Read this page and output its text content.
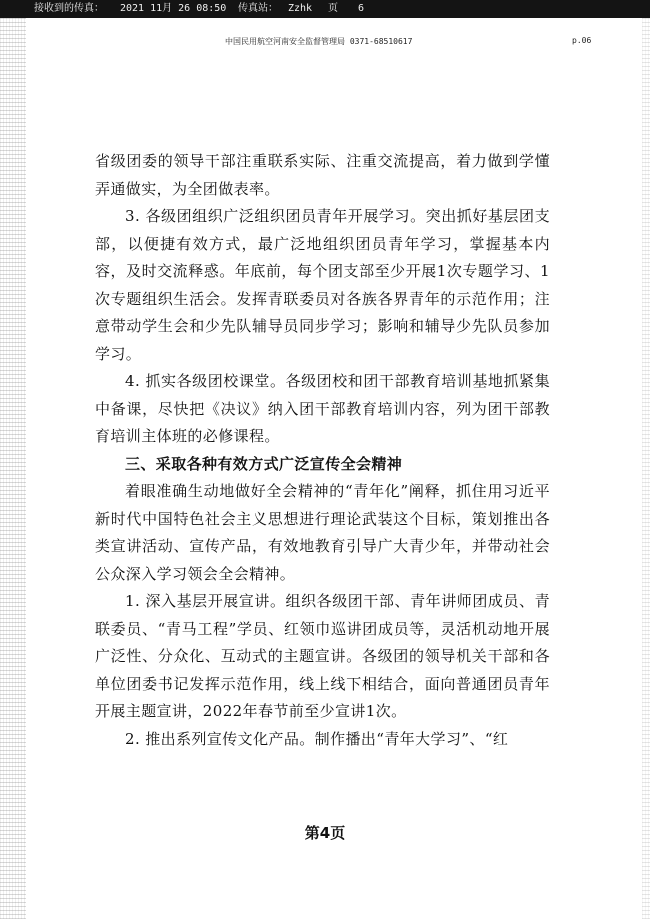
接收到的传真： 2021 11月 26 08:50 传真站： Zzhk 页 6
中国民用航空河南安全监督管理局 0371-68510617	p.06

省级团委的领导干部注重联系实际、注重交流提高，着力做到学懂弄通做实，为全团做表率。

3. 各级团组织广泛组织团员青年开展学习。突出抓好基层团支部，以便捷有效方式，最广泛地组织团员青年学习，掌握基本内容，及时交流释惑。年底前，每个团支部至少开展1次专题学习、1次专题组织生活会。发挥青联委员对各族各界青年的示范作用；注意带动学生会和少先队辅导员同步学习；影响和辅导少先队员参加学习。

4. 抓实各级团校课堂。各级团校和团干部教育培训基地抓紧集中备课，尽快把《决议》纳入团干部教育培训内容，列为团干部教育培训主体班的必修课程。

三、采取各种有效方式广泛宣传全会精神

着眼准确生动地做好全会精神的“青年化”阐释，抓住用习近平新时代中国特色社会主义思想进行理论武装这个目标，策划推出各类宣讲活动、宣传产品，有效地教育引导广大青少年，并带动社会公众深入学习领会全会精神。

1. 深入基层开展宣讲。组织各级团干部、青年讲师团成员、青联委员、“青马工程”学员、红领巾巡讲团成员等，灵活机动地开展广泛性、分众化、互动式的主题宣讲。各级团的领导机关干部和各单位团委书记发挥示范作用，线上线下相结合，面向普通团员青年开展主题宣讲，2022年春节前至少宣讲1次。

2. 推出系列宣传文化产品。制作播出“青年大学习”、“红

第4页
